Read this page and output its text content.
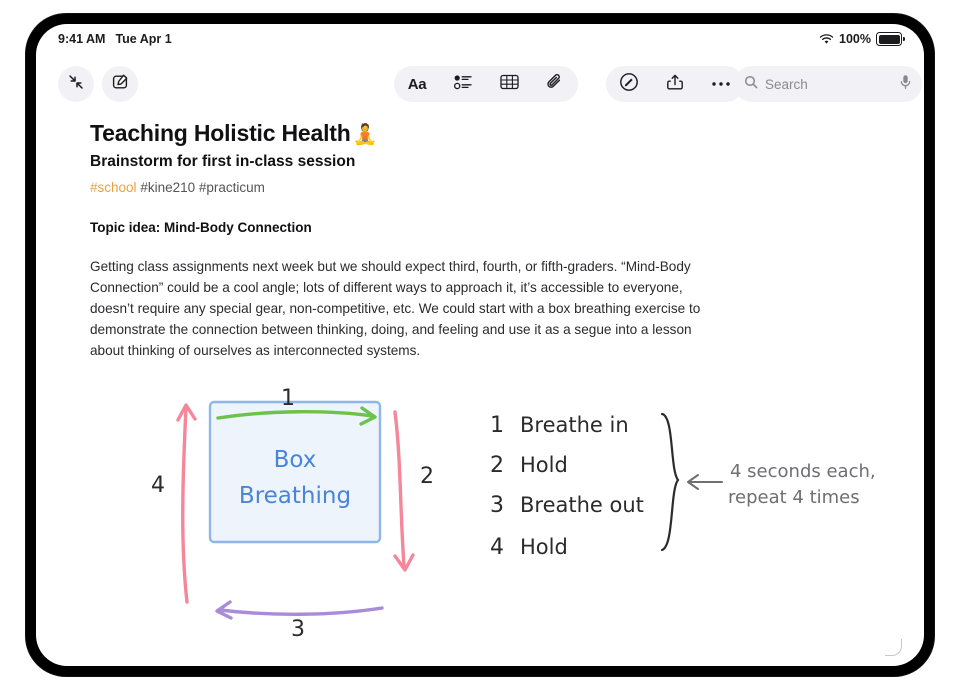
9:41 AM Tue Apr 1	100%
Aa	Search
Teaching Holistic Health 🧘
Brainstorm for first in-class session
#school #kine210 #practicum
Topic idea: Mind-Body Connection
Getting class assignments next week but we should expect third, fourth, or fifth-graders. “Mind-Body Connection” could be a cool angle; lots of different ways to approach it, it’s accessible to everyone, doesn’t require any special gear, non-competitive, etc. We could start with a box breathing exercise to demonstrate the connection between thinking, doing, and feeling and use it as a segue into a lesson about thinking of ourselves as interconnected systems.
Box
Breathing
1
2
3
4
1 Breathe in
2 Hold
3 Breathe out
4 Hold
4 seconds each,
repeat 4 times
